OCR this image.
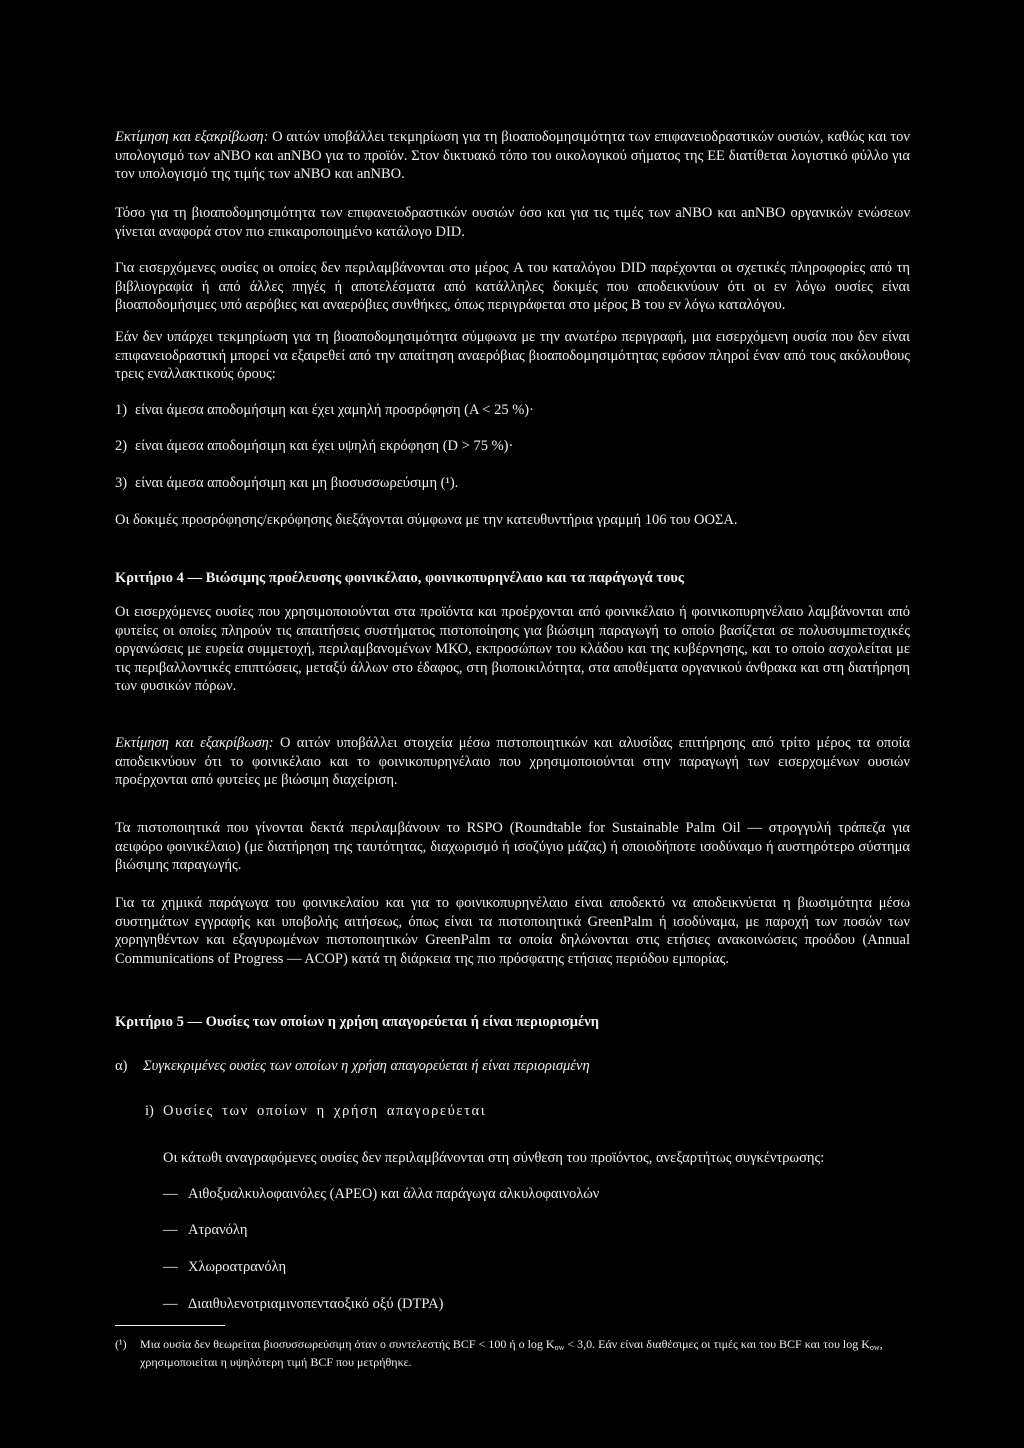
Εκτίμηση και εξακρίβωση: Ο αιτών υποβάλλει τεκμηρίωση για τη βιοαποδομησιμότητα των επιφανειοδραστικών ουσιών, καθώς και τον υπολογισμό των aNBO και anNBO για το προϊόν. Στον δικτυακό τόπο του οικολογικού σήματος της ΕΕ διατίθεται λογιστικό φύλλο για τον υπολογισμό της τιμής των aNBO και anNBO.

Τόσο για τη βιοαποδομησιμότητα των επιφανειοδραστικών ουσιών όσο και για τις τιμές των aNBO και anNBO οργανικών ενώσεων γίνεται αναφορά στον πιο επικαιροποιημένο κατάλογο DID.

Για εισερχόμενες ουσίες οι οποίες δεν περιλαμβάνονται στο μέρος A του καταλόγου DID παρέχονται οι σχετικές πληροφορίες από τη βιβλιογραφία ή από άλλες πηγές ή αποτελέσματα από κατάλληλες δοκιμές που αποδεικνύουν ότι οι εν λόγω ουσίες είναι βιοαποδομήσιμες υπό αερόβιες και αναερόβιες συνθήκες, όπως περιγράφεται στο μέρος B του εν λόγω καταλόγου.

Εάν δεν υπάρχει τεκμηρίωση για τη βιοαποδομησιμότητα σύμφωνα με την ανωτέρω περιγραφή, μια εισερχόμενη ουσία που δεν είναι επιφανειοδραστική μπορεί να εξαιρεθεί από την απαίτηση αναερόβιας βιοαποδομησιμότητας εφόσον πληροί έναν από τους ακόλουθους τρεις εναλλακτικούς όρους:

1) είναι άμεσα αποδομήσιμη και έχει χαμηλή προσρόφηση (A < 25 %)·
2) είναι άμεσα αποδομήσιμη και έχει υψηλή εκρόφηση (D > 75 %)·
3) είναι άμεσα αποδομήσιμη και μη βιοσυσσωρεύσιμη (¹).

Οι δοκιμές προσρόφησης/εκρόφησης διεξάγονται σύμφωνα με την κατευθυντήρια γραμμή 106 του ΟΟΣΑ.

Κριτήριο 4 — Βιώσιμης προέλευσης φοινικέλαιο, φοινικοπυρηνέλαιο και τα παράγωγά τους

Οι εισερχόμενες ουσίες που χρησιμοποιούνται στα προϊόντα και προέρχονται από φοινικέλαιο ή φοινικοπυρηνέλαιο λαμβάνονται από φυτείες οι οποίες πληρούν τις απαιτήσεις συστήματος πιστοποίησης για βιώσιμη παραγωγή το οποίο βασίζεται σε πολυσυμmετοχικές οργανώσεις με ευρεία συμμετοχή, περιλαμβανομένων ΜΚΟ, εκπροσώπων του κλάδου και της κυβέρνησης, και το οποίο ασχολείται με τις περιβαλλοντικές επιπτώσεις, μεταξύ άλλων στο έδαφος, στη βιοποικιλότητα, στα αποθέματα οργανικού άνθρακα και στη διατήρηση των φυσικών πόρων.

Εκτίμηση και εξακρίβωση: Ο αιτών υποβάλλει στοιχεία μέσω πιστοποιητικών και αλυσίδας επιτήρησης από τρίτο μέρος τα οποία αποδεικνύουν ότι το φοινικέλαιο και το φοινικοπυρηνέλαιο που χρησιμοποιούνται στην παραγωγή των εισερχομένων ουσιών προέρχονται από φυτείες με βιώσιμη διαχείριση.

Τα πιστοποιητικά που γίνονται δεκτά περιλαμβάνουν το RSPO (Roundtable for Sustainable Palm Oil — στρογγυλή τράπεζα για αειφόρο φοινικέλαιο) (με διατήρηση της ταυτότητας, διαχωρισμό ή ισοζύγιο μάζας) ή οποιοδήποτε ισοδύναμο ή αυστηρότερο σύστημα βιώσιμης παραγωγής.

Για τα χημικά παράγωγα του φοινικελαίου και για το φοινικοπυρηνέλαιο είναι αποδεκτό να αποδεικνύεται η βιωσιμότητα μέσω συστημάτων εγγραφής και υποβολής αιτήσεως, όπως είναι τα πιστοποιητικά GreenPalm ή ισοδύναμα, με παροχή των ποσών των χορηγηθέντων και εξαγυρωμένων πιστοποιητικών GreenPalm τα οποία δηλώνονται στις ετήσιες ανακοινώσεις προόδου (Annual Communications of Progress — ACOP) κατά τη διάρκεια της πιο πρόσφατης ετήσιας περιόδου εμπορίας.

Κριτήριο 5 — Ουσίες των οποίων η χρήση απαγορεύεται ή είναι περιορισμένη
α) Συγκεκριμένες ουσίες των οποίων η χρήση απαγορεύεται ή είναι περιορισμένη
i) Ουσίες των οποίων η χρήση απαγορεύεται

Οι κάτωθι αναγραφόμενες ουσίες δεν περιλαμβάνονται στη σύνθεση του προϊόντος, ανεξαρτήτως συγκέντρωσης:

— Αιθοξυαλκυλοφαινόλες (APEO) και άλλα παράγωγα αλκυλοφαινολών
— Ατρανόλη
— Χλωροατρανόλη
— Διαιθυλενοτριαμινοπενταοξικό οξύ (DTPA)
(¹) Μια ουσία δεν θεωρείται βιοσυσσωρεύσιμη όταν ο συντελεστής BCF < 100 ή ο $\log K_{ow} < 3,0$. Εάν είναι διαθέσιμες οι τιμές και του BCF και του $\log K_{ow}$, χρησιμοποιείται η υψηλότερη τιμή BCF που μετρήθηκε.
